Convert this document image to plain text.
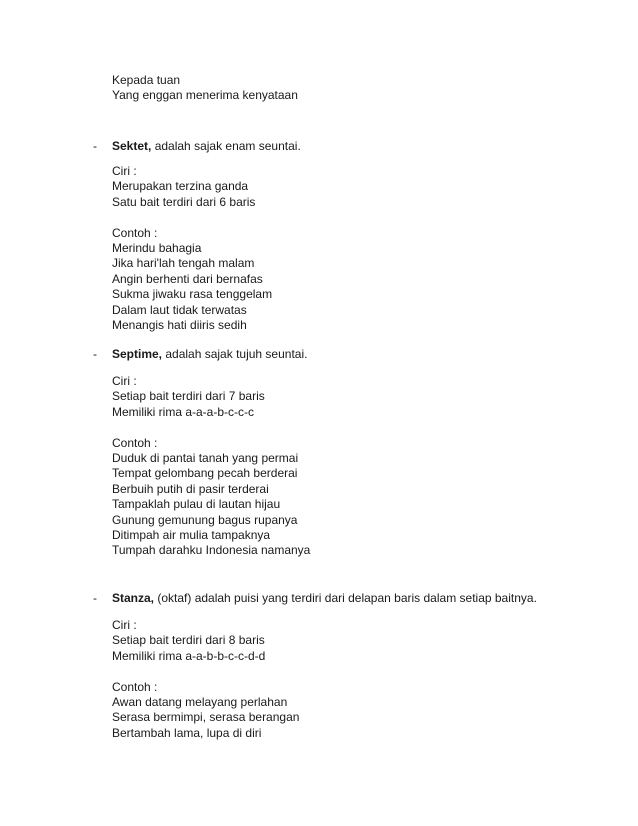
Kepada tuan
Yang enggan menerima kenyataan
- Sektet, adalah sajak enam seuntai.
Ciri :
Merupakan terzina ganda
Satu bait terdiri dari 6 baris
Contoh :
Merindu bahagia
Jika hari'lah tengah malam
Angin berhenti dari bernafas
Sukma jiwaku rasa tenggelam
Dalam laut tidak terwatas
Menangis hati diiris sedih
- Septime, adalah sajak tujuh seuntai.
Ciri :
Setiap bait terdiri dari 7 baris
Memiliki rima a-a-a-b-c-c-c
Contoh :
Duduk di pantai tanah yang permai
Tempat gelombang pecah berderai
Berbuih putih di pasir terderai
Tampaklah pulau di lautan hijau
Gunung gemunung bagus rupanya
Ditimpah air mulia tampaknya
Tumpah darahku Indonesia namanya
- Stanza, (oktaf) adalah puisi yang terdiri dari delapan baris dalam setiap baitnya.
Ciri :
Setiap bait terdiri dari 8 baris
Memiliki rima a-a-b-b-c-c-d-d
Contoh :
Awan datang melayang perlahan
Serasa bermimpi, serasa berangan
Bertambah lama, lupa di diri
